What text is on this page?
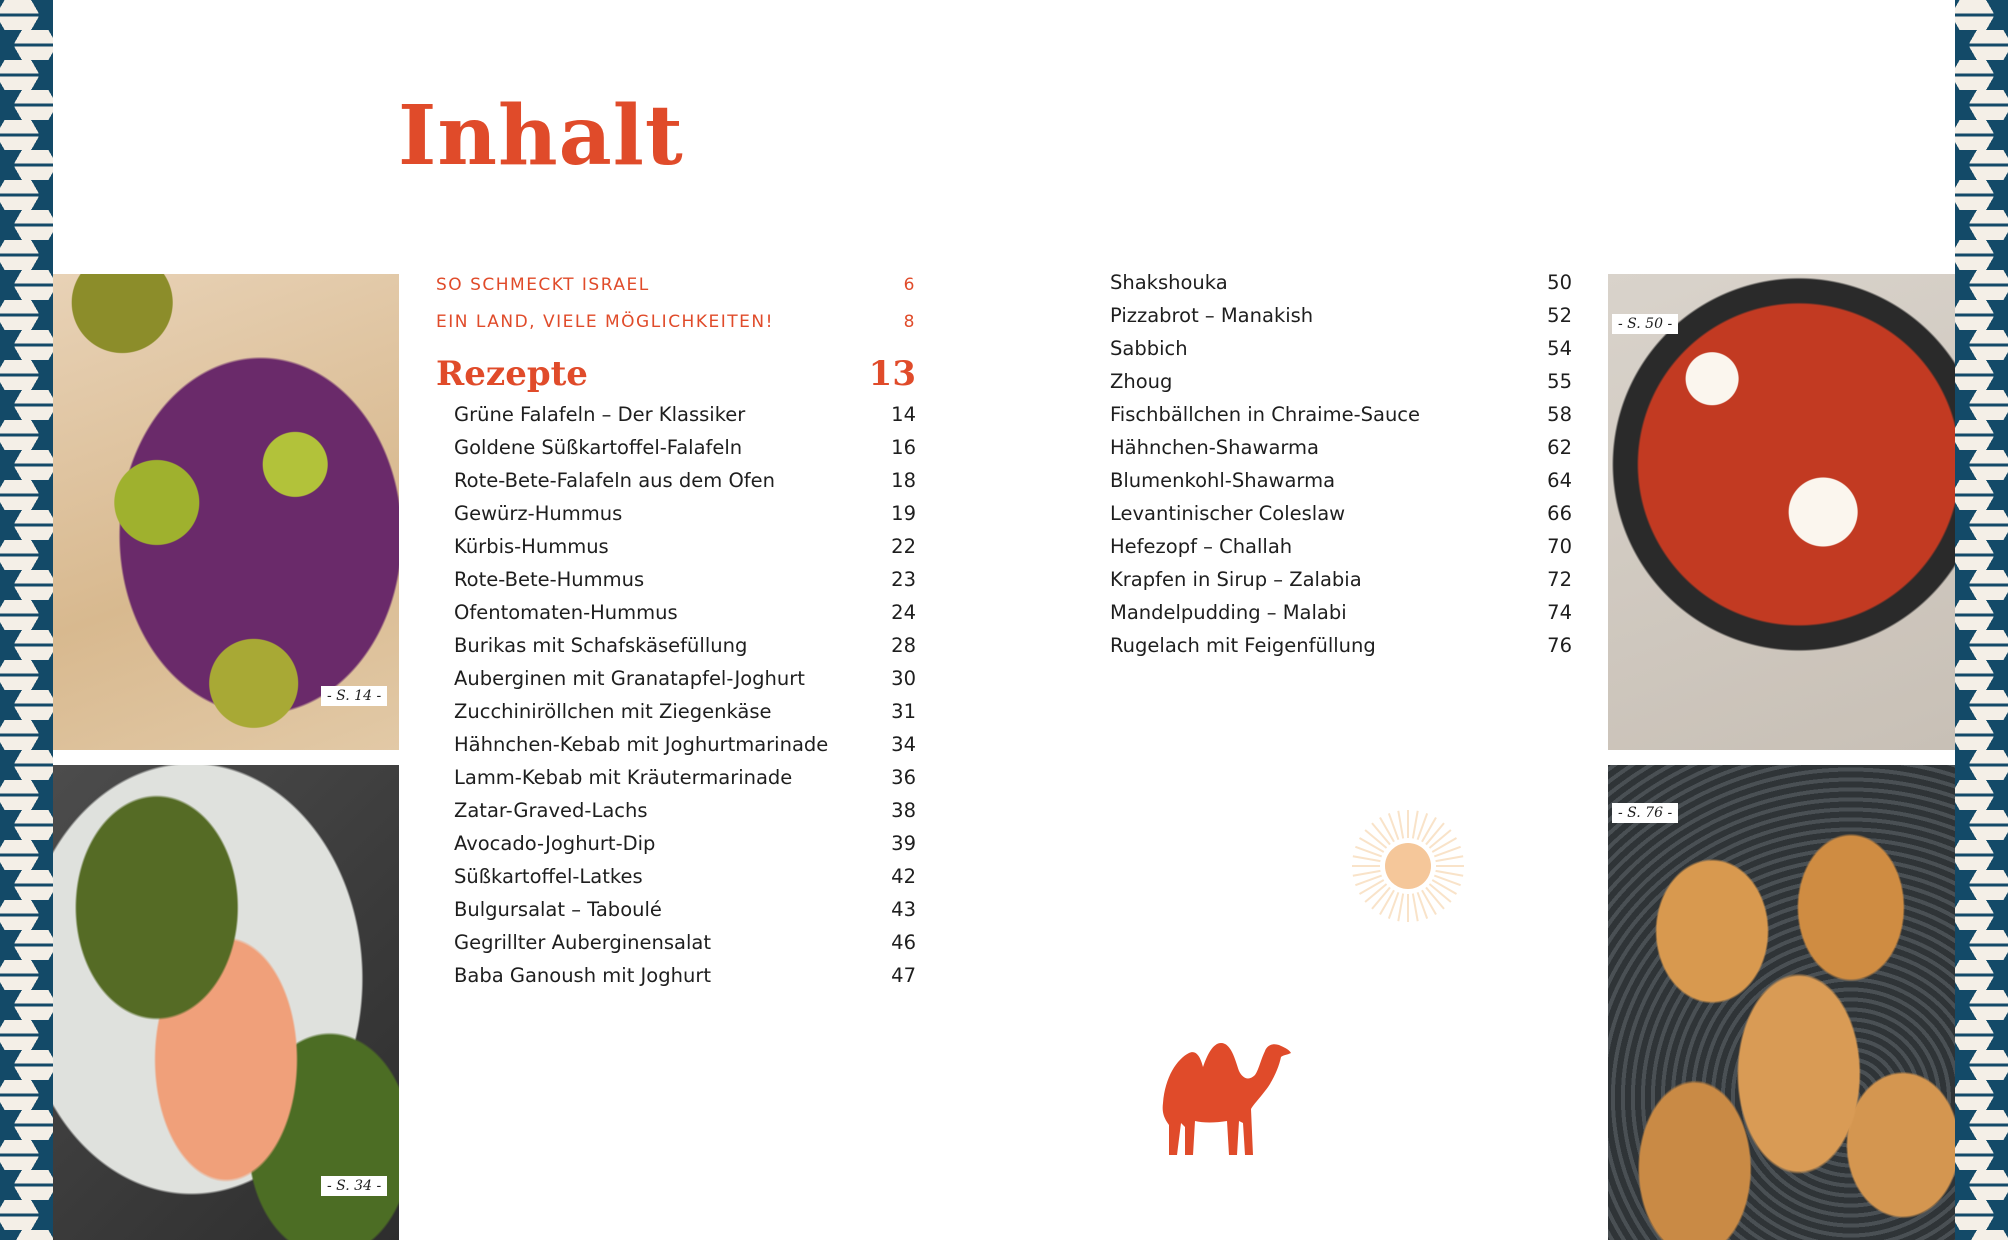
- S. 14 -
- S. 34 -
- S. 50 -
- S. 76 -
Inhalt
SO SCHMECKT ISRAEL	6
EIN LAND, VIELE MÖGLICHKEITEN!	8
Rezepte	13
Grüne Falafeln – Der Klassiker	14
Goldene Süßkartoffel-Falafeln	16
Rote-Bete-Falafeln aus dem Ofen	18
Gewürz-Hummus	19
Kürbis-Hummus	22
Rote-Bete-Hummus	23
Ofentomaten-Hummus	24
Burikas mit Schafskäsefüllung	28
Auberginen mit Granatapfel-Joghurt	30
Zucchiniröllchen mit Ziegenkäse	31
Hähnchen-Kebab mit Joghurtmarinade	34
Lamm-Kebab mit Kräutermarinade	36
Zatar-Graved-Lachs	38
Avocado-Joghurt-Dip	39
Süßkartoffel-Latkes	42
Bulgursalat – Taboulé	43
Gegrillter Auberginensalat	46
Baba Ganoush mit Joghurt	47
Shakshouka	50
Pizzabrot – Manakish	52
Sabbich	54
Zhoug	55
Fischbällchen in Chraime-Sauce	58
Hähnchen-Shawarma	62
Blumenkohl-Shawarma	64
Levantinischer Coleslaw	66
Hefezopf – Challah	70
Krapfen in Sirup – Zalabia	72
Mandelpudding – Malabi	74
Rugelach mit Feigenfüllung	76
